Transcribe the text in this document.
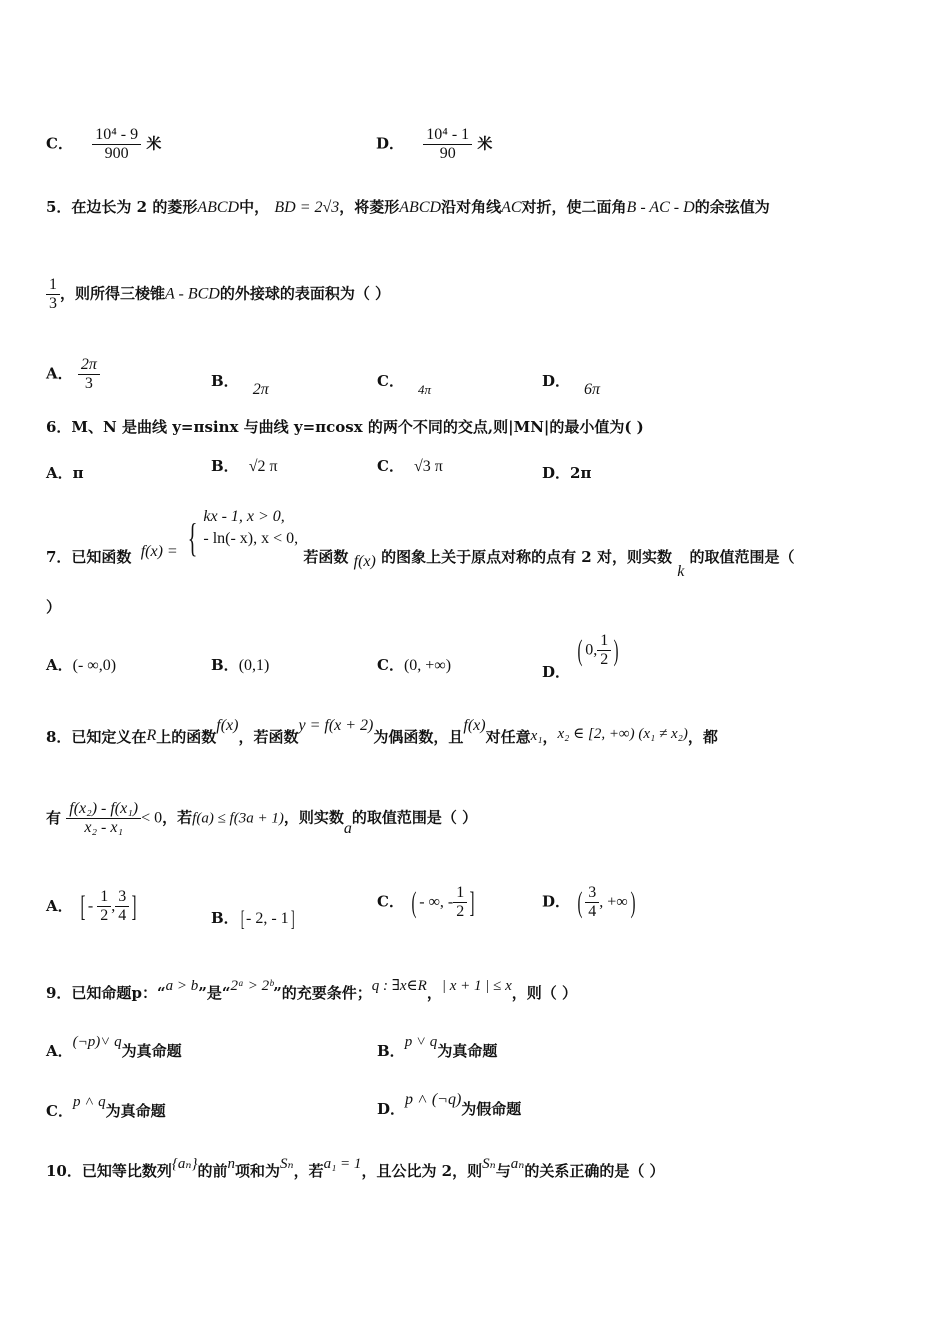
C． $\frac{\text{10⁴ - 9}}{900}$ 米	D． $\frac{\text{10⁴ - 1}}{90}$ 米
5．在边长为 2 的菱形ABCD中， BD = 2√3，将菱形ABCD沿对角线AC对折，使二面角B - AC - D的余弦值为
$\frac{1}{3}$ ，则所得三棱锥A - BCD的外接球的表面积为（ ）
A． $\frac{2\pi}{3}$	B． 2π	C． 4π	D． 6π
6．M、N 是曲线 y=πsinx 与曲线 y=πcosx 的两个不同的交点,则|MN|的最小值为( )
A．π	B． √2 π	C． √3 π	D．2π
7．已知函数 f(x) = { kx - 1, x > 0,
- ln(- x), x < 0,
若函数 f(x) 的图象上关于原点对称的点有 2 对，则实数 k 的取值范围是（
）
A．(- ∞,0)	B．(0,1)	C．(0, +∞)	D． ( 0, $\frac{1}{2}$ )
8．已知定义在R上的函数f(x)，若函数y = f(x + 2)为偶函数，且f(x)对任意x₁，x₂ ∈ [2, +∞) (x₁ ≠ x₂)，都
有 $\frac{\text{f(x₂) - f(x₁)}}{\text{x₂ - x₁}} < 0$，若f(a) ≤ f(3a + 1)，则实数a的取值范围是（ ）
A． [ - $\frac{1}{2}$ , $\frac{3}{4}$ ]	B．[ - 2, - 1]
C． ( - ∞, - $\frac{1}{2}$ ]	D． ( $\frac{3}{4}$ , +∞)
9．已知命题p：“a > b”是“2ᵃ > 2ᵇ”的充要条件；q : ∃x∈R，| x + 1 | ≤ x，则（ ）
A．(¬p)˅ q为真命题	B．p ˅ q为真命题
C．p ˄ q为真命题	D．p ˄ (¬q)为假命题
10．已知等比数列{aₙ}的前n项和为Sₙ，若a₁ = 1，且公比为 2，则Sₙ与aₙ的关系正确的是（ ）
